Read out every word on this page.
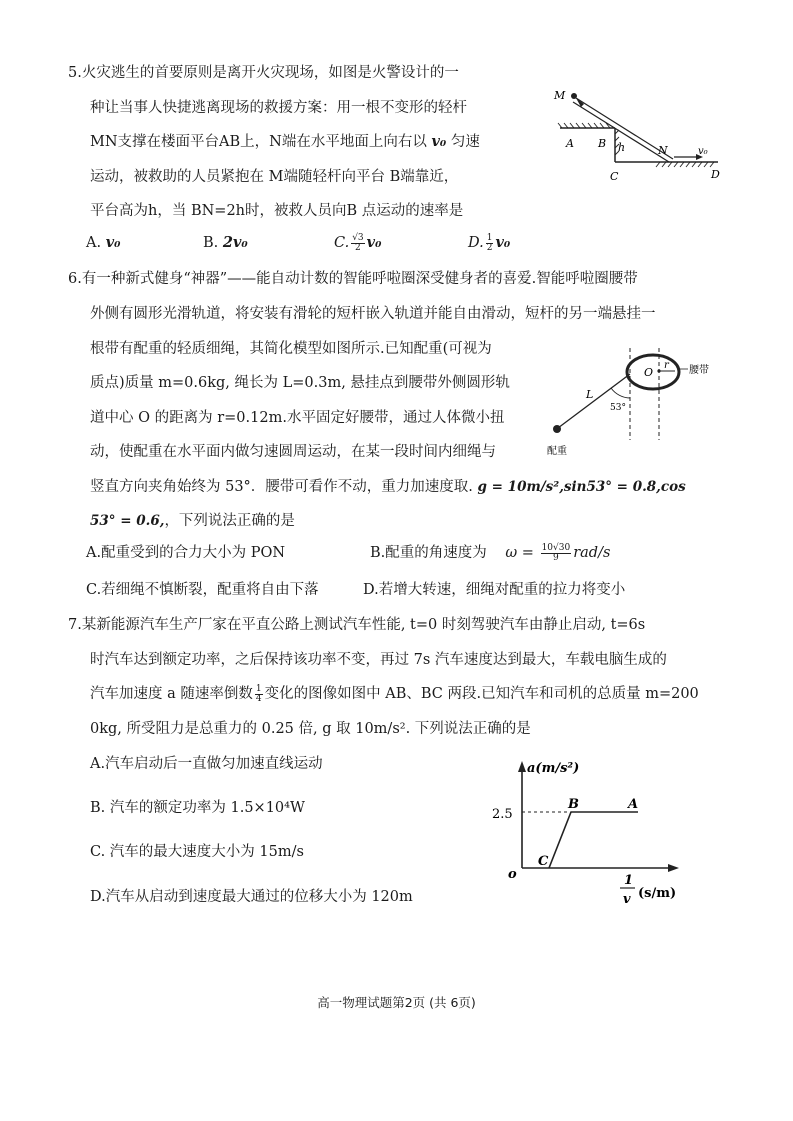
5.火灾逃生的首要原则是离开火灾现场，如图是火警设计的一
种让当事人快捷逃离现场的救援方案：用一根不变形的轻杆
MN支撑在楼面平台AB上，N端在水平地面上向右以 v₀ 匀速
运动，被救助的人员紧抱在 M端随轻杆向平台 B端靠近，
平台高为h，当 BN=2h时，被救人员向B 点运动的速率是
A. v₀	B. 2v₀	C. $\frac{√3}{2} v_0$	D. $\frac{1}{2} v_0$
M
A B h	N	v₀
C	D
6.有一种新式健身“神器”——能自动计数的智能呼啦圈深受健身者的喜爱.智能呼啦圈腰带
外侧有圆形光滑轨道，将安装有滑轮的短杆嵌入轨道并能自由滑动，短杆的另一端悬挂一
根带有配重的轻质细绳，其简化模型如图所示.已知配重(可视为
质点)质量 m=0.6kg, 绳长为 L=0.3m, 悬挂点到腰带外侧圆形轨
道中心 O 的距离为 r=0.12m.水平固定好腰带，通过人体微小扭
动，使配重在水平面内做匀速圆周运动，在某一段时间内细绳与
竖直方向夹角始终为 53°．腰带可看作不动，重力加速度取. g = 10m/s²,sin53° = 0.8,cos
53° = 0.6,，下列说法正确的是
A.配重受到的合力大小为 PON	B.配重的角速度为 $\omega = \frac{10√30}{9} rad/s$
C.若细绳不慎断裂，配重将自由下落	D.若增大转速，细绳对配重的拉力将变小
O
r 腰带
L
53°
配重
7.某新能源汽车生产厂家在平直公路上测试汽车性能, t=0 时刻驾驶汽车由静止启动, t=6s
时汽车达到额定功率，之后保持该功率不变，再过 7s 汽车速度达到最大，车载电脑生成的
汽车加速度 a 随速率倒数 $\frac{1}{4}$ 变化的图像如图中 AB、BC 两段.已知汽车和司机的总质量 m=200
0kg, 所受阻力是总重力的 0.25 倍, g 取 10m/s². 下列说法正确的是
A.汽车启动后一直做匀加速直线运动
B. 汽车的额定功率为 1.5×10⁴W
C. 汽车的最大速度大小为 15m/s
D.汽车从启动到速度最大通过的位移大小为 120m
a(m/s²)
2.5
B	A
C
o	1
v (s/m)
高一物理试题第2页 (共 6页)
